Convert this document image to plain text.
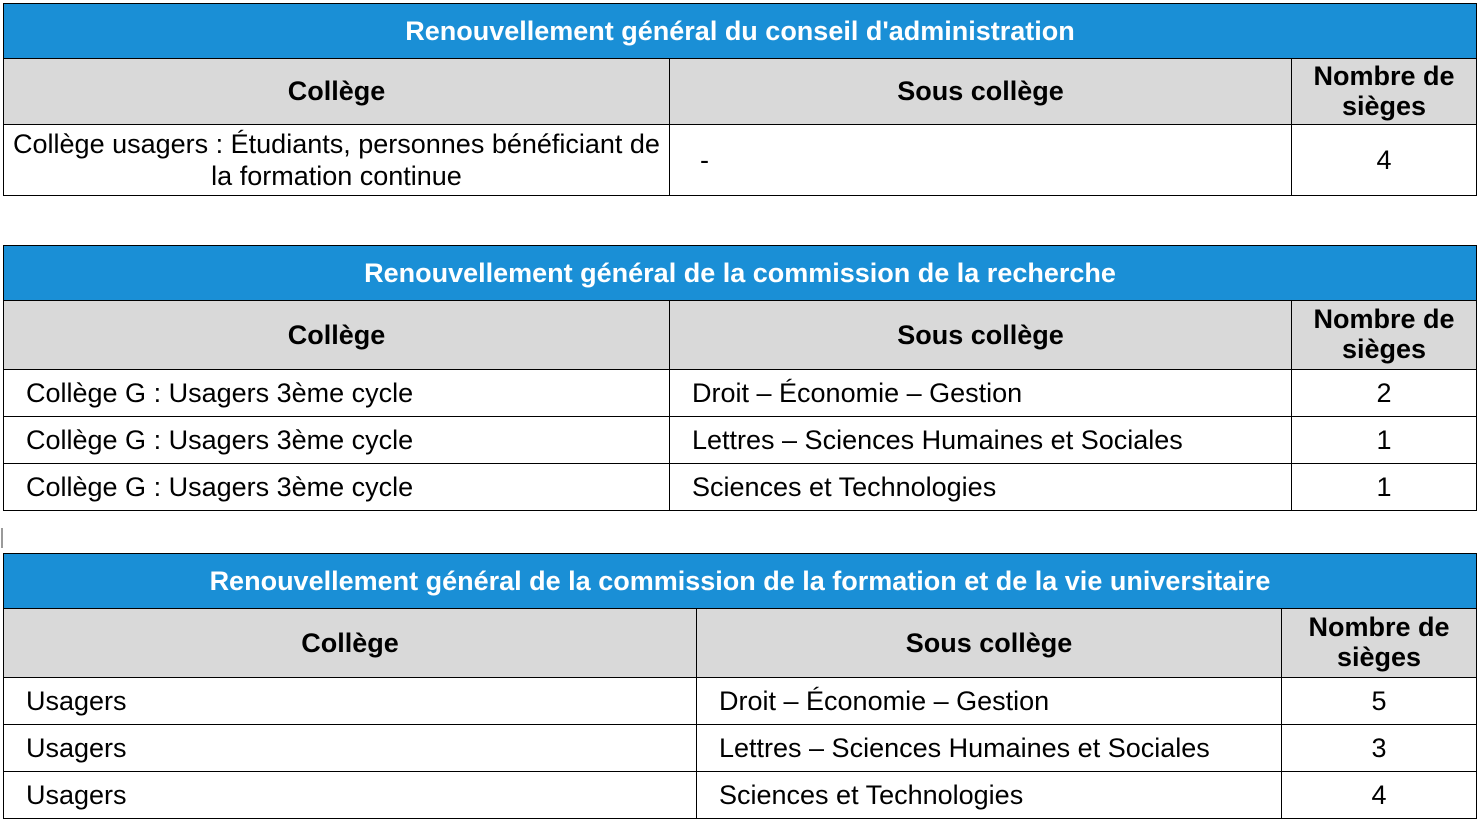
Renouvellement général du conseil d'administration		
Collège	Sous collège	Nombre de sièges
Collège usagers : Étudiants, personnes bénéficiant de la formation continue	-	4
Renouvellement général de la commission de la recherche		
Collège	Sous collège	Nombre de sièges
Collège G : Usagers 3ème cycle	Droit – Économie – Gestion	2
Collège G : Usagers 3ème cycle	Lettres – Sciences Humaines et Sociales	1
Collège G : Usagers 3ème cycle	Sciences et Technologies	1
Renouvellement général de la commission de la formation et de la vie universitaire		
Collège	Sous collège	Nombre de sièges
Usagers	Droit – Économie – Gestion	5
Usagers	Lettres – Sciences Humaines et Sociales	3
Usagers	Sciences et Technologies	4
